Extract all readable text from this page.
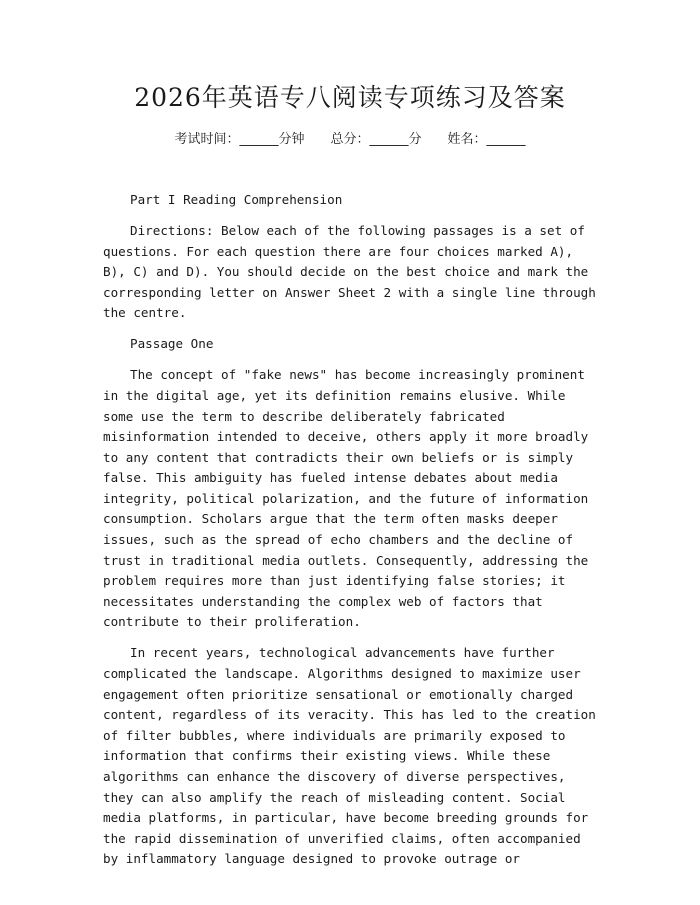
2026年英语专八阅读专项练习及答案
考试时间：______分钟 总分：______分 姓名：______

Part I Reading Comprehension

Directions: Below each of the following passages is a set of questions. For each question there are four choices marked A), B), C) and D). You should decide on the best choice and mark the corresponding letter on Answer Sheet 2 with a single line through the centre.

Passage One

The concept of "fake news" has become increasingly prominent in the digital age, yet its definition remains elusive. While some use the term to describe deliberately fabricated misinformation intended to deceive, others apply it more broadly to any content that contradicts their own beliefs or is simply false. This ambiguity has fueled intense debates about media integrity, political polarization, and the future of information consumption. Scholars argue that the term often masks deeper issues, such as the spread of echo chambers and the decline of trust in traditional media outlets. Consequently, addressing the problem requires more than just identifying false stories; it necessitates understanding the complex web of factors that contribute to their proliferation.

In recent years, technological advancements have further complicated the landscape. Algorithms designed to maximize user engagement often prioritize sensational or emotionally charged content, regardless of its veracity. This has led to the creation of filter bubbles, where individuals are primarily exposed to information that confirms their existing views. While these algorithms can enhance the discovery of diverse perspectives, they can also amplify the reach of misleading content. Social media platforms, in particular, have become breeding grounds for the rapid dissemination of unverified claims, often accompanied by inflammatory language designed to provoke outrage or
